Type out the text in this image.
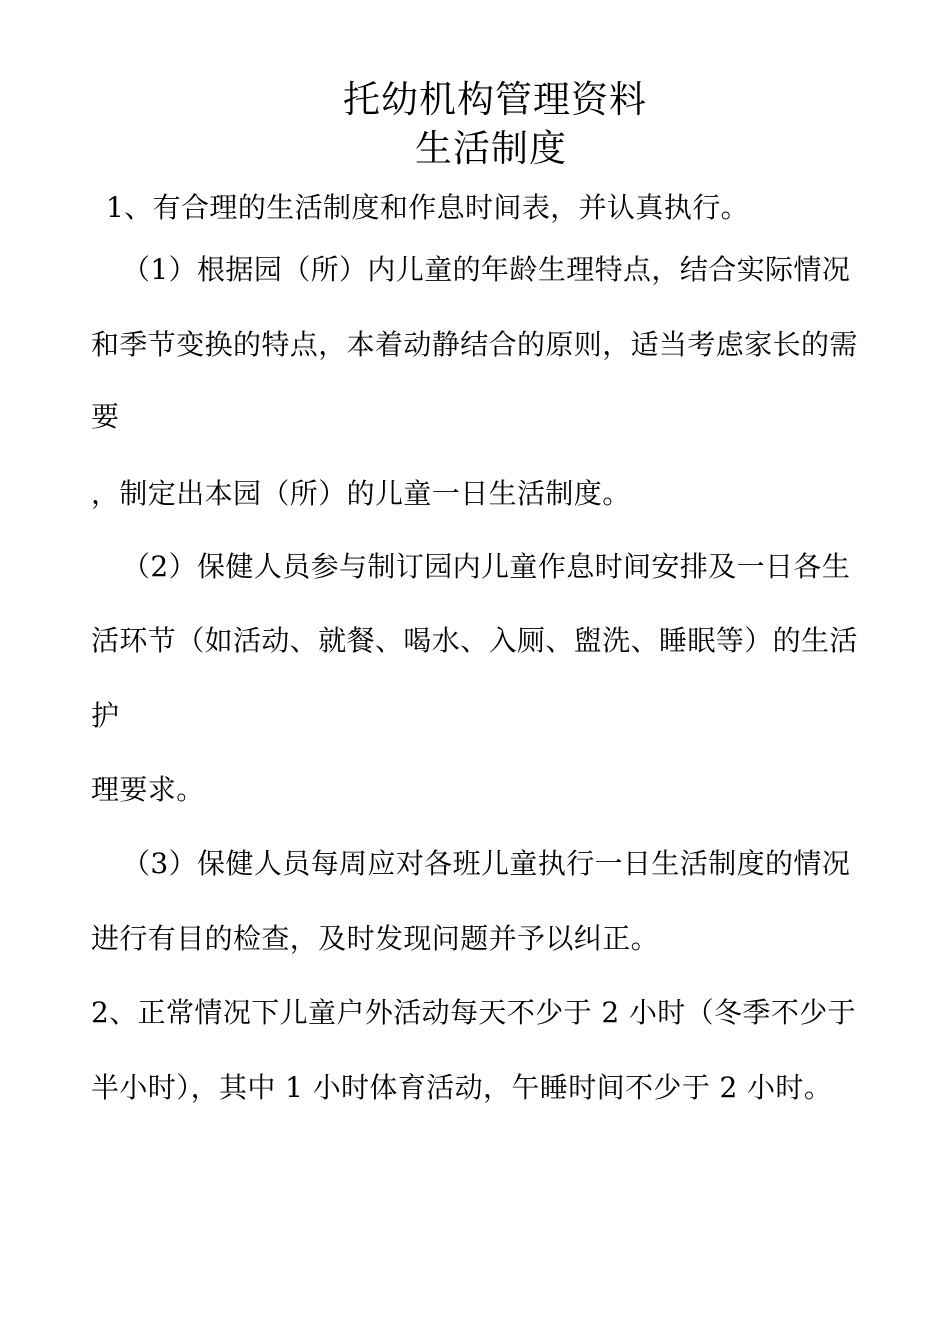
托幼机构管理资料
生活制度
1、有合理的生活制度和作息时间表，并认真执行。
（1）根据园（所）内儿童的年龄生理特点，结合实际情况
和季节变换的特点，本着动静结合的原则，适当考虑家长的需
要
，制定出本园（所）的儿童一日生活制度。
（2）保健人员参与制订园内儿童作息时间安排及一日各生
活环节（如活动、就餐、喝水、入厕、盥洗、睡眠等）的生活
护
理要求。
（3）保健人员每周应对各班儿童执行一日生活制度的情况
进行有目的检查，及时发现问题并予以纠正。
2、正常情况下儿童户外活动每天不少于 2 小时（冬季不少于
半小时），其中 1 小时体育活动，午睡时间不少于 2 小时。
